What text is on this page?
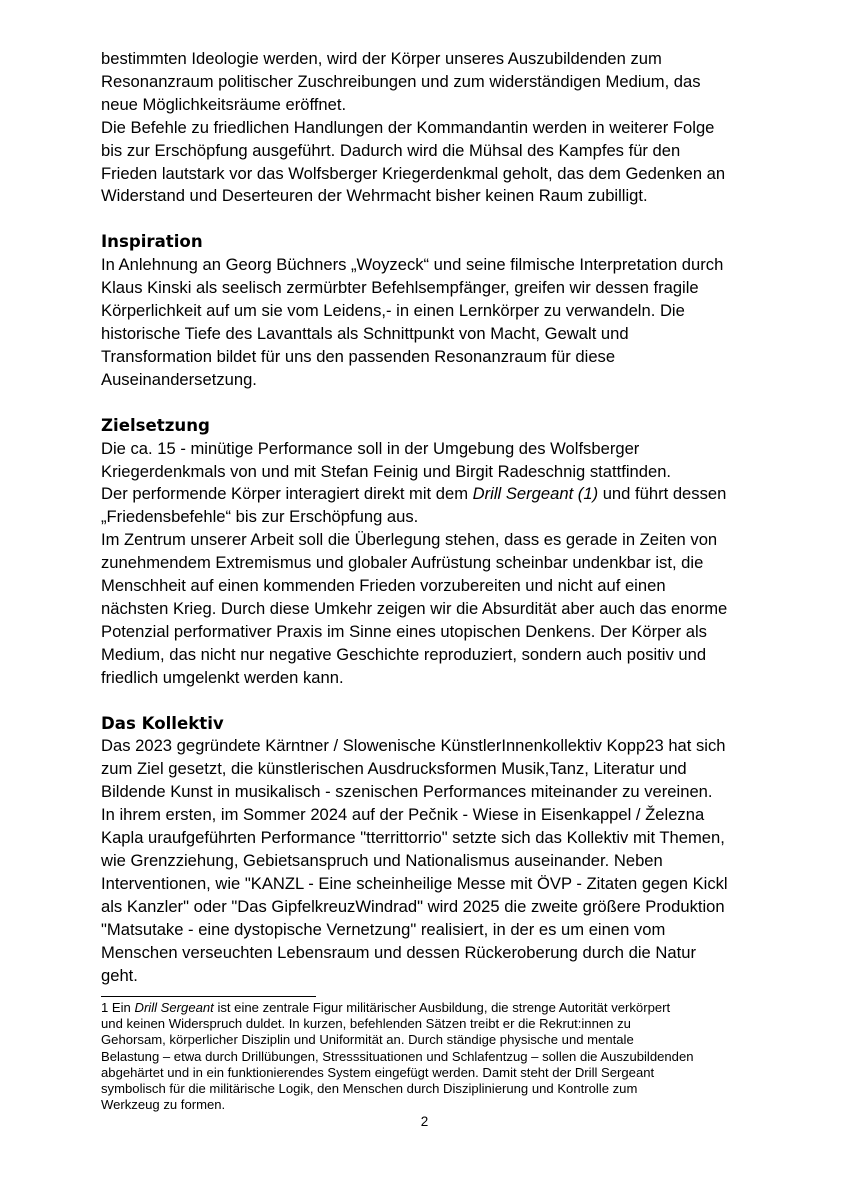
bestimmten Ideologie werden, wird der Körper unseres Auszubildenden zum
Resonanzraum politischer Zuschreibungen und zum widerständigen Medium, das
neue Möglichkeitsräume eröffnet.
Die Befehle zu friedlichen Handlungen der Kommandantin werden in weiterer Folge
bis zur Erschöpfung ausgeführt. Dadurch wird die Mühsal des Kampfes für den
Frieden lautstark vor das Wolfsberger Kriegerdenkmal geholt, das dem Gedenken an
Widerstand und Deserteuren der Wehrmacht bisher keinen Raum zubilligt.

Inspiration

In Anlehnung an Georg Büchners „Woyzeck“ und seine filmische Interpretation durch
Klaus Kinski als seelisch zermürbter Befehlsempfänger, greifen wir dessen fragile
Körperlichkeit auf um sie vom Leidens,- in einen Lernkörper zu verwandeln. Die
historische Tiefe des Lavanttals als Schnittpunkt von Macht, Gewalt und
Transformation bildet für uns den passenden Resonanzraum für diese
Auseinandersetzung.

Zielsetzung

Die ca. 15 - minütige Performance soll in der Umgebung des Wolfsberger
Kriegerdenkmals von und mit Stefan Feinig und Birgit Radeschnig stattfinden.
Der performende Körper interagiert direkt mit dem Drill Sergeant (1) und führt dessen
„Friedensbefehle“ bis zur Erschöpfung aus.
Im Zentrum unserer Arbeit soll die Überlegung stehen, dass es gerade in Zeiten von
zunehmendem Extremismus und globaler Aufrüstung scheinbar undenkbar ist, die
Menschheit auf einen kommenden Frieden vorzubereiten und nicht auf einen
nächsten Krieg. Durch diese Umkehr zeigen wir die Absurdität aber auch das enorme
Potenzial performativer Praxis im Sinne eines utopischen Denkens. Der Körper als
Medium, das nicht nur negative Geschichte reproduziert, sondern auch positiv und
friedlich umgelenkt werden kann.

Das Kollektiv

Das 2023 gegründete Kärntner / Slowenische KünstlerInnenkollektiv Kopp23 hat sich
zum Ziel gesetzt, die künstlerischen Ausdrucksformen Musik,Tanz, Literatur und
Bildende Kunst in musikalisch - szenischen Performances miteinander zu vereinen.
In ihrem ersten, im Sommer 2024 auf der Pečnik - Wiese in Eisenkappel / Železna
Kapla uraufgeführten Performance "tterrittorrio" setzte sich das Kollektiv mit Themen,
wie Grenzziehung, Gebietsanspruch und Nationalismus auseinander. Neben
Interventionen, wie "KANZL - Eine scheinheilige Messe mit ÖVP - Zitaten gegen Kickl
als Kanzler" oder "Das GipfelkreuzWindrad" wird 2025 die zweite größere Produktion
"Matsutake - eine dystopische Vernetzung" realisiert, in der es um einen vom
Menschen verseuchten Lebensraum und dessen Rückeroberung durch die Natur
geht.

1 Ein Drill Sergeant ist eine zentrale Figur militärischer Ausbildung, die strenge Autorität verkörpert
und keinen Widerspruch duldet. In kurzen, befehlenden Sätzen treibt er die Rekrut:innen zu
Gehorsam, körperlicher Disziplin und Uniformität an. Durch ständige physische und mentale
Belastung – etwa durch Drillübungen, Stresssituationen und Schlafentzug – sollen die Auszubildenden
abgehärtet und in ein funktionierendes System eingefügt werden. Damit steht der Drill Sergeant
symbolisch für die militärische Logik, den Menschen durch Disziplinierung und Kontrolle zum
Werkzeug zu formen.
2
